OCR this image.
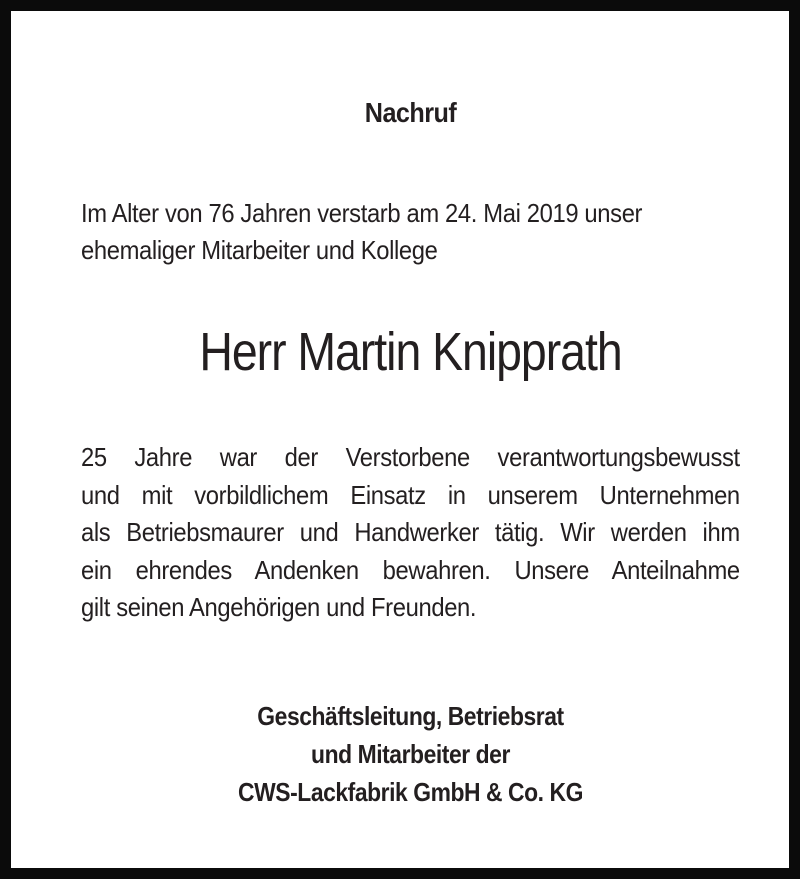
Nachruf
Im Alter von 76 Jahren verstarb am 24. Mai 2019 unser
ehemaliger Mitarbeiter und Kollege
Herr Martin Knipprath
25 Jahre war der Verstorbene verantwortungsbewusst
und mit vorbildlichem Einsatz in unserem Unternehmen
als Betriebsmaurer und Handwerker tätig. Wir werden ihm
ein ehrendes Andenken bewahren. Unsere Anteilnahme
gilt seinen Angehörigen und Freunden.
Geschäftsleitung, Betriebsrat
und Mitarbeiter der
CWS-Lackfabrik GmbH & Co. KG
